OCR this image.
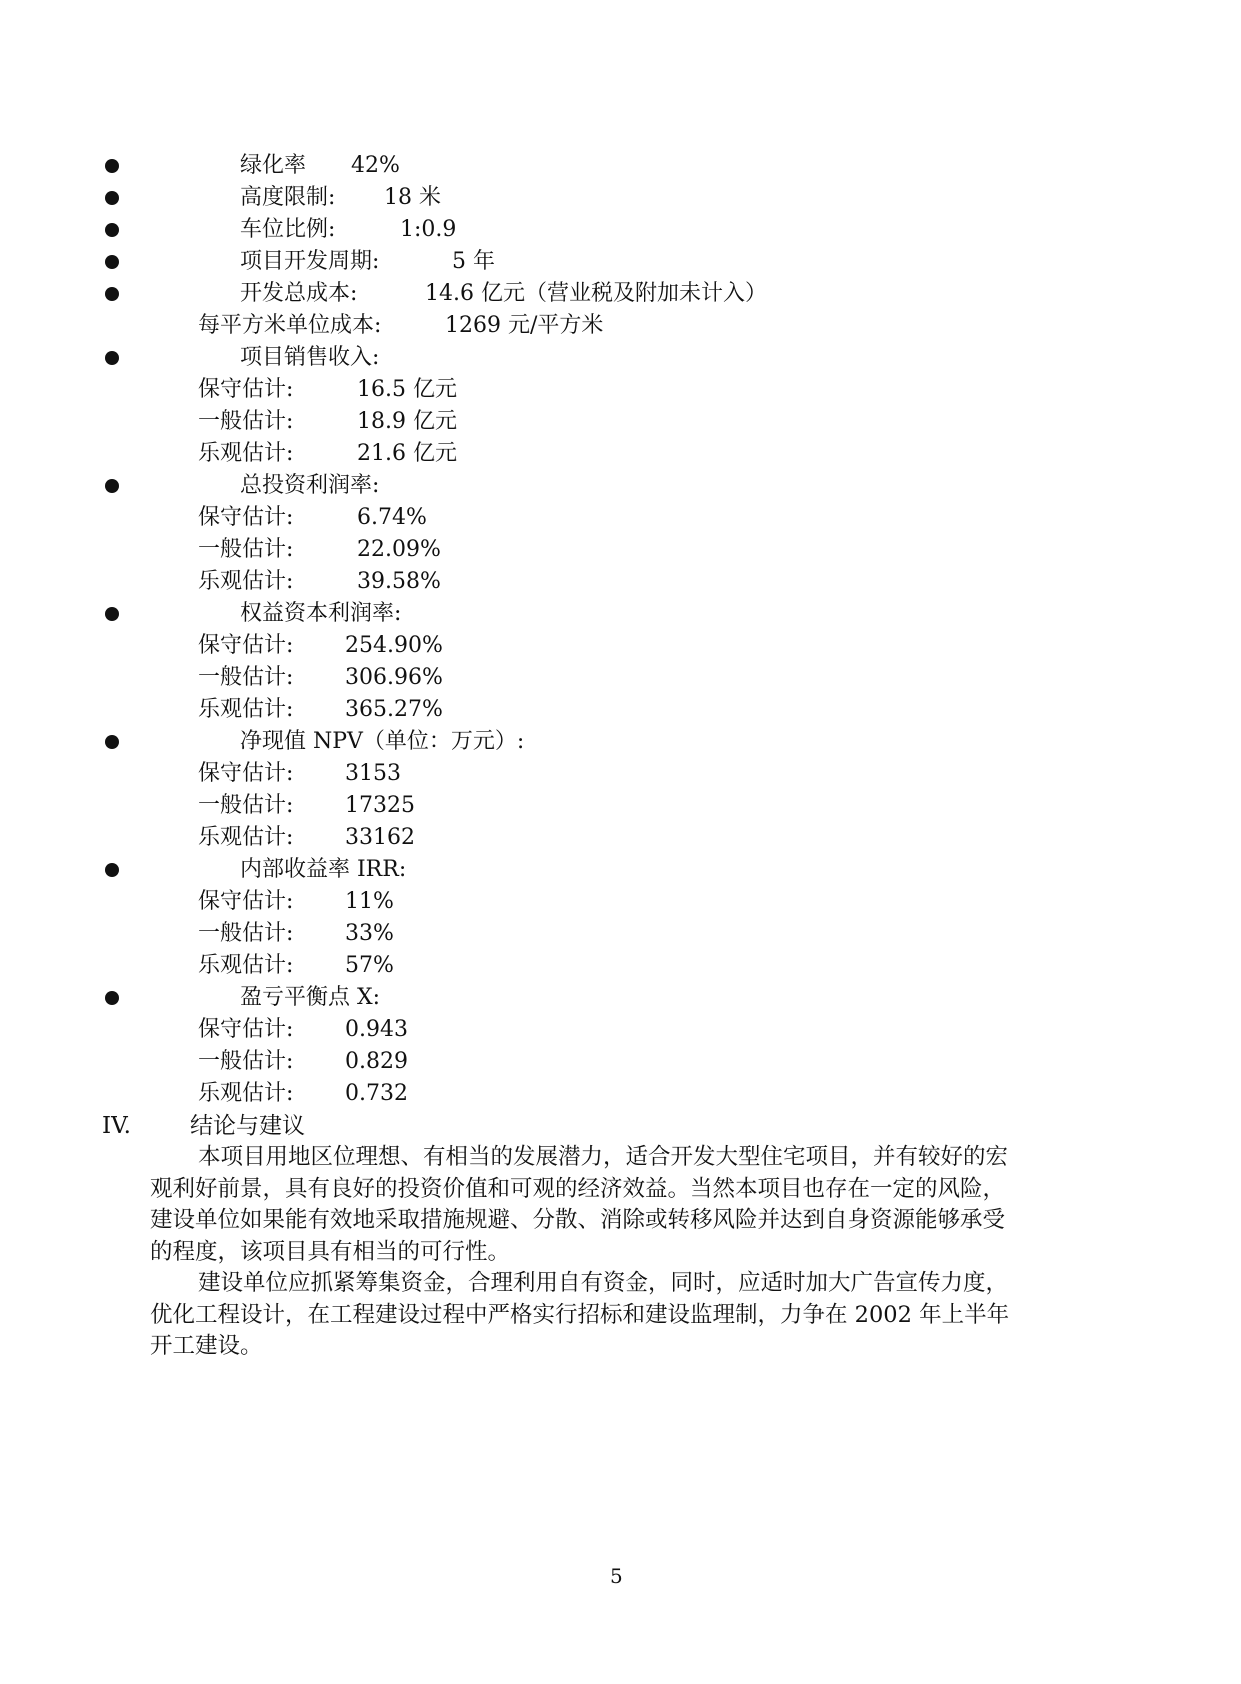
绿化率 42%
高度限制: 18 米
车位比例:	1:0.9
项目开发周期:	5 年
开发总成本:	14.6 亿元（营业税及附加未计入）
每平方米单位成本:	1269 元/平方米
项目销售收入:
保守估计:	16.5 亿元
一般估计:	18.9 亿元
乐观估计:	21.6 亿元
总投资利润率:
保守估计:	6.74%
一般估计:	22.09%
乐观估计:	39.58%
权益资本利润率:
保守估计: 254.90%
一般估计: 306.96%
乐观估计: 365.27%
净现值 NPV（单位：万元）:
保守估计: 3153
一般估计: 17325
乐观估计: 33162
内部收益率 IRR:
保守估计: 11%
一般估计: 33%
乐观估计: 57%
盈亏平衡点 X:
保守估计: 0.943
一般估计: 0.829
乐观估计: 0.732
IV.	结论与建议
本项目用地区位理想、有相当的发展潜力，适合开发大型住宅项目，并有较好的宏
观利好前景，具有良好的投资价值和可观的经济效益。当然本项目也存在一定的风险，
建设单位如果能有效地采取措施规避、分散、消除或转移风险并达到自身资源能够承受
的程度，该项目具有相当的可行性。
建设单位应抓紧筹集资金，合理利用自有资金，同时，应适时加大广告宣传力度，
优化工程设计，在工程建设过程中严格实行招标和建设监理制，力争在 2002 年上半年
开工建设。
5
